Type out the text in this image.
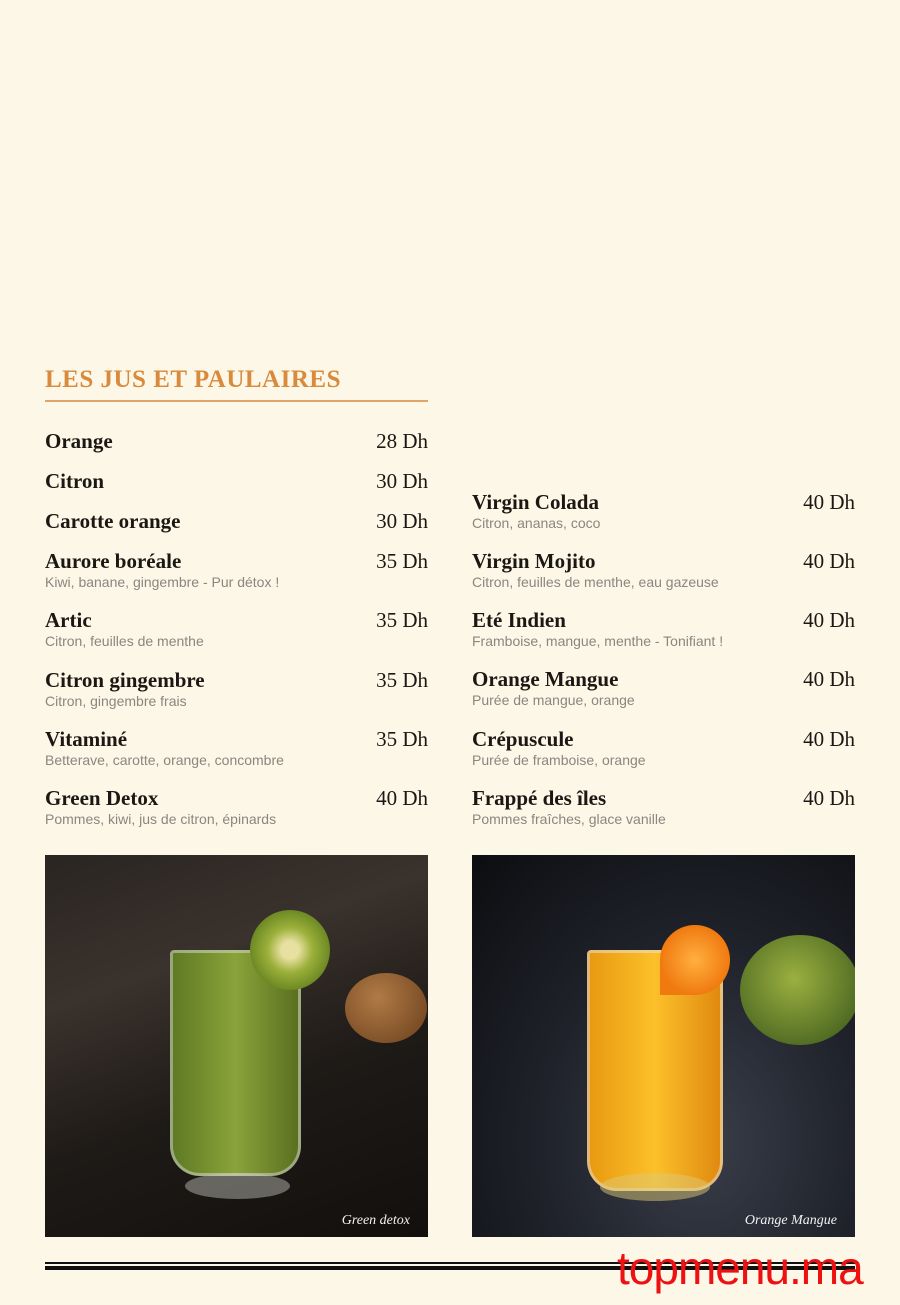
LES JUS ET PAULAIRES
Orange	28 Dh
Citron	30 Dh
Carotte orange	30 Dh
Aurore boréale	35 Dh
Kiwi, banane, gingembre - Pur détox !
Artic	35 Dh
Citron, feuilles de menthe
Citron gingembre	35 Dh
Citron, gingembre frais
Vitaminé	35 Dh
Betterave, carotte, orange, concombre
Green Detox	40 Dh
Pommes, kiwi, jus de citron, épinards
Virgin Colada	40 Dh
Citron, ananas, coco
Virgin Mojito	40 Dh
Citron, feuilles de menthe, eau gazeuse
Eté Indien	40 Dh
Framboise, mangue, menthe - Tonifiant !
Orange Mangue	40 Dh
Purée de mangue, orange
Crépuscule	40 Dh
Purée de framboise, orange
Frappé des îles	40 Dh
Pommes fraîches, glace vanille
Green detox	Orange Mangue
topmenu.ma
